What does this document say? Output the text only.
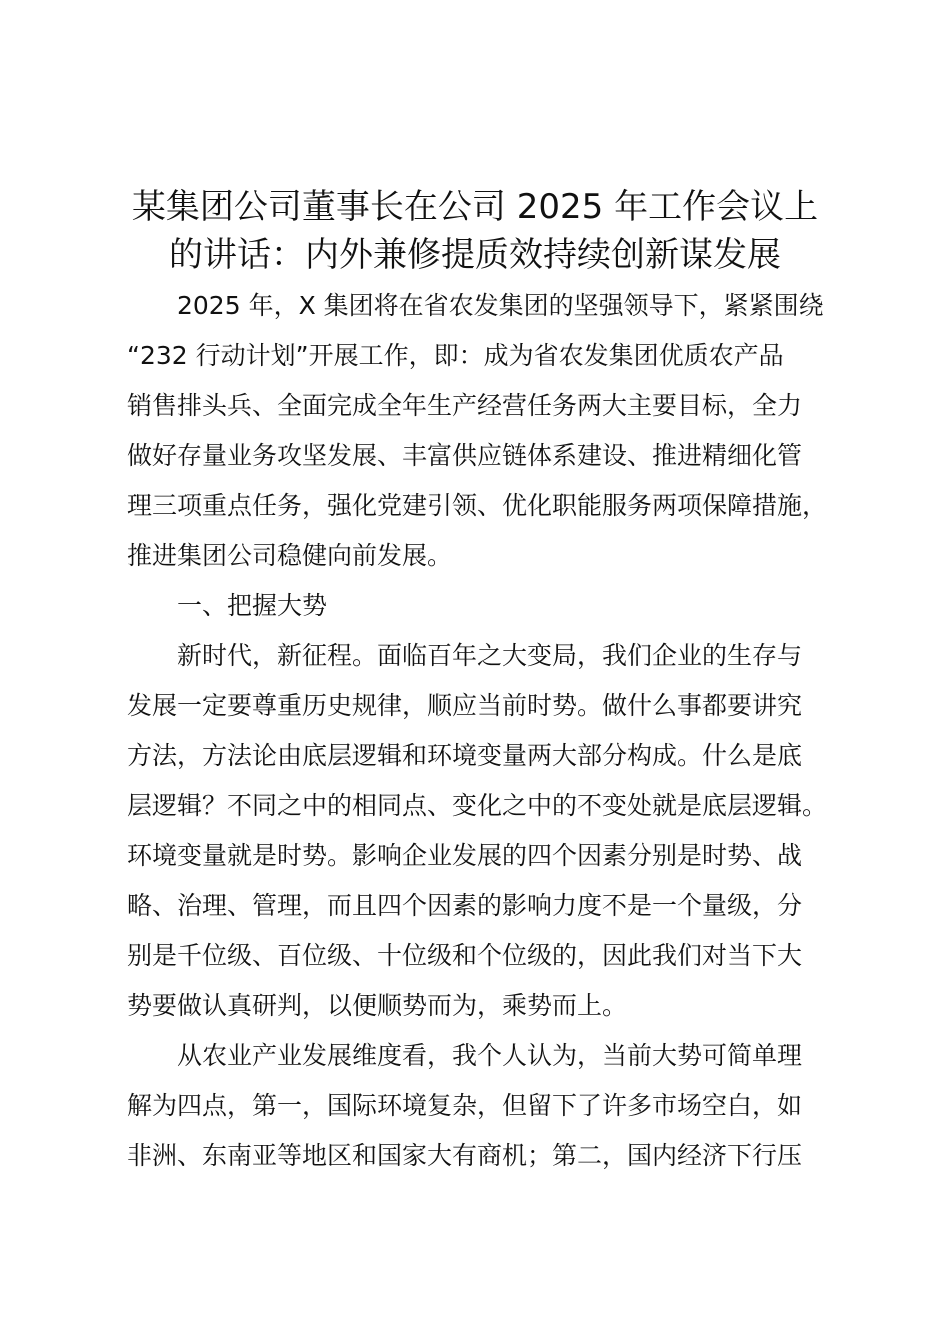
某集团公司董事长在公司 2025 年工作会议上
的讲话：内外兼修提质效持续创新谋发展

2025 年，X 集团将在省农发集团的坚强领导下，紧紧围绕

“232 行动计划”开展工作，即：成为省农发集团优质农产品

销售排头兵、全面完成全年生产经营任务两大主要目标，全力

做好存量业务攻坚发展、丰富供应链体系建设、推进精细化管

理三项重点任务，强化党建引领、优化职能服务两项保障措施，

推进集团公司稳健向前发展。

一、把握大势

新时代，新征程。面临百年之大变局，我们企业的生存与

发展一定要尊重历史规律，顺应当前时势。做什么事都要讲究

方法，方法论由底层逻辑和环境变量两大部分构成。什么是底

层逻辑？不同之中的相同点、变化之中的不变处就是底层逻辑。

环境变量就是时势。影响企业发展的四个因素分别是时势、战

略、治理、管理，而且四个因素的影响力度不是一个量级，分

别是千位级、百位级、十位级和个位级的，因此我们对当下大

势要做认真研判，以便顺势而为，乘势而上。

从农业产业发展维度看，我个人认为，当前大势可简单理

解为四点，第一，国际环境复杂，但留下了许多市场空白，如

非洲、东南亚等地区和国家大有商机；第二，国内经济下行压
